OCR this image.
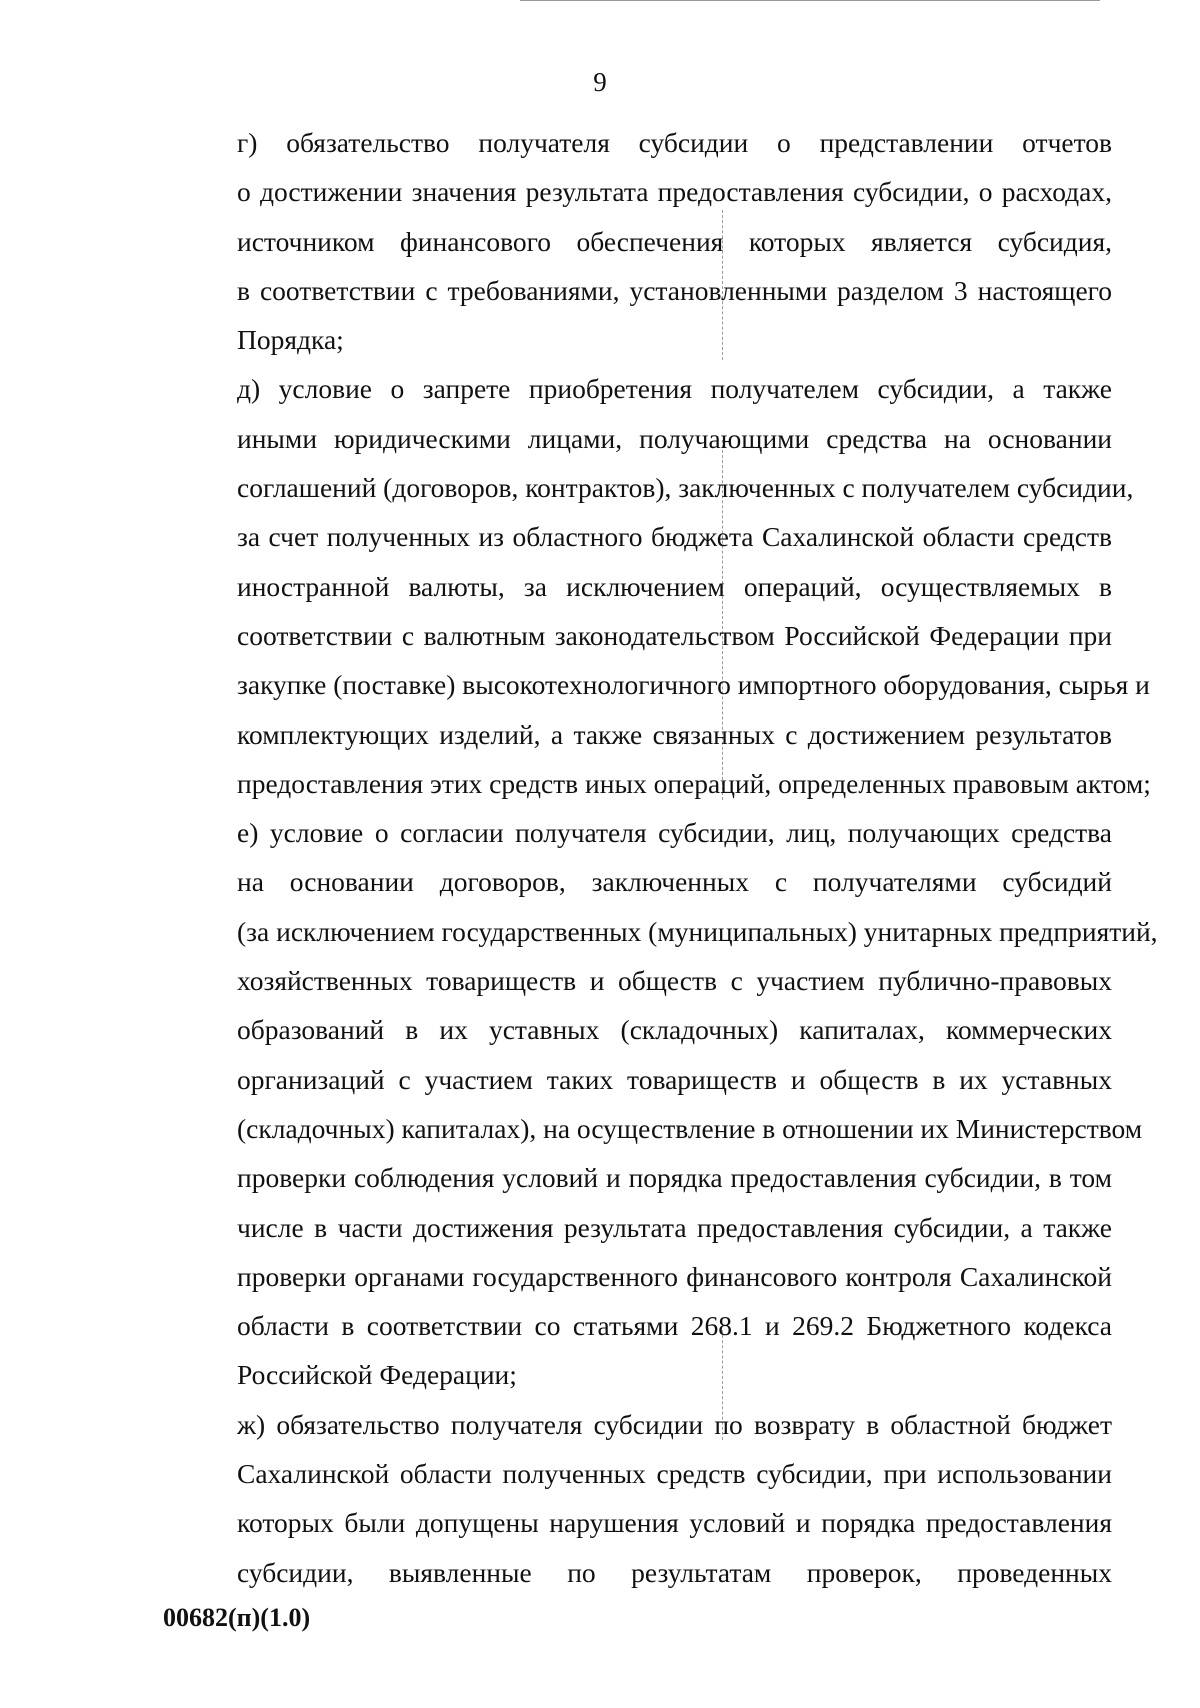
9

г) обязательство получателя субсидии о представлении отчетов
о достижении значения результата предоставления субсидии, о расходах,
источником финансового обеспечения которых является субсидия,
в соответствии с требованиями, установленными разделом 3 настоящего
Порядка;

д) условие о запрете приобретения получателем субсидии, а также
иными юридическими лицами, получающими средства на основании
соглашений (договоров, контрактов), заключенных с получателем субсидии,
за счет полученных из областного бюджета Сахалинской области средств
иностранной валюты, за исключением операций, осуществляемых в
соответствии с валютным законодательством Российской Федерации при
закупке (поставке) высокотехнологичного импортного оборудования, сырья и
комплектующих изделий, а также связанных с достижением результатов
предоставления этих средств иных операций, определенных правовым актом;

е) условие о согласии получателя субсидии, лиц, получающих средства
на основании договоров, заключенных с получателями субсидий
(за исключением государственных (муниципальных) унитарных предприятий,
хозяйственных товариществ и обществ с участием публично-правовых
образований в их уставных (складочных) капиталах, коммерческих
организаций с участием таких товариществ и обществ в их уставных
(складочных) капиталах), на осуществление в отношении их Министерством
проверки соблюдения условий и порядка предоставления субсидии, в том
числе в части достижения результата предоставления субсидии, а также
проверки органами государственного финансового контроля Сахалинской
области в соответствии со статьями 268.1 и 269.2 Бюджетного кодекса
Российской Федерации;

ж) обязательство получателя субсидии по возврату в областной бюджет
Сахалинской области полученных средств субсидии, при использовании
которых были допущены нарушения условий и порядка предоставления
субсидии, выявленные по результатам проверок, проведенных

00682(п)(1.0)
